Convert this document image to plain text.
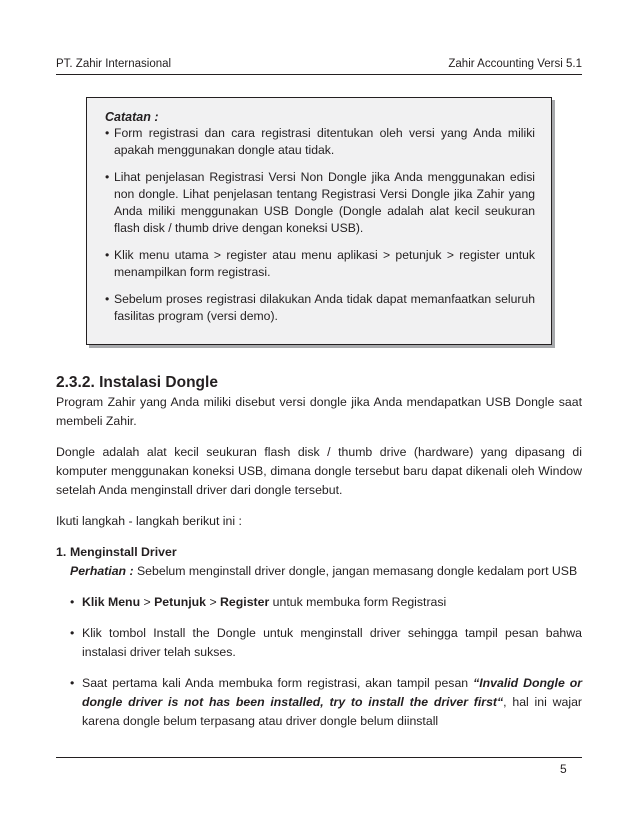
PT. Zahir Internasional	Zahir Accounting Versi 5.1

Catatan :

• Form registrasi dan cara registrasi ditentukan oleh versi yang Anda miliki apakah menggunakan dongle atau tidak.
• Lihat penjelasan Registrasi Versi Non Dongle jika Anda menggunakan edisi non dongle. Lihat penjelasan tentang Registrasi Versi Dongle jika Zahir yang Anda miliki menggunakan USB Dongle (Dongle adalah alat kecil seukuran flash disk / thumb drive dengan koneksi USB).
• Klik menu utama > register atau menu aplikasi > petunjuk > register untuk menampilkan form registrasi.
• Sebelum proses registrasi dilakukan Anda tidak dapat memanfaatkan seluruh fasilitas program (versi demo).
2.3.2. Instalasi Dongle

Program Zahir yang Anda miliki disebut versi dongle jika Anda mendapatkan USB Dongle saat membeli Zahir.

Dongle adalah alat kecil seukuran flash disk / thumb drive (hardware) yang dipasang di komputer menggunakan koneksi USB, dimana dongle tersebut baru dapat dikenali oleh Window setelah Anda menginstall driver dari dongle tersebut.

Ikuti langkah - langkah berikut ini :

1. Menginstall Driver

Perhatian : Sebelum menginstall driver dongle, jangan memasang dongle kedalam port USB

• Klik Menu > Petunjuk > Register untuk membuka form Registrasi
• Klik tombol Install the Dongle untuk menginstall driver sehingga tampil pesan bahwa instalasi driver telah sukses.
• Saat pertama kali Anda membuka form registrasi, akan tampil pesan “Invalid Dongle or dongle driver is not has been installed, try to install the driver first“, hal ini wajar karena dongle belum terpasang atau driver dongle belum diinstall
5
